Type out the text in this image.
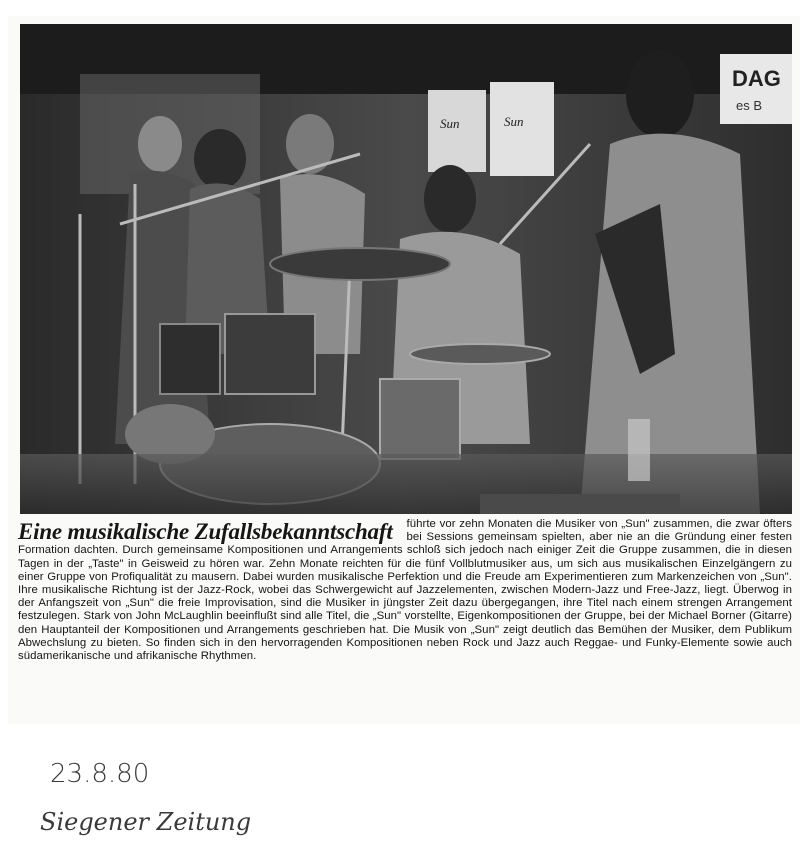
Sun	Sun
DAG
es B
Eine musikalische Zufallsbekanntschaft führte vor zehn Monaten die Musiker von „Sun" zusammen, die zwar öfters bei Sessions gemeinsam spielten, aber nie an die Gründung einer festen Formation dachten. Durch gemeinsame Kompositionen und Arrangements schloß sich jedoch nach einiger Zeit die Gruppe zusammen, die in diesen Tagen in der „Taste" in Geisweid zu hören war. Zehn Monate reichten für die fünf Vollblutmusiker aus, um sich aus musikalischen Einzelgängern zu einer Gruppe von Profiqualität zu mausern. Dabei wurden musikalische Perfektion und die Freude am Experimentieren zum Markenzeichen von „Sun". Ihre musikalische Richtung ist der Jazz-Rock, wobei das Schwergewicht auf Jazzelementen, zwischen Modern-Jazz und Free-Jazz, liegt. Überwog in der Anfangszeit von „Sun" die freie Improvisation, sind die Musiker in jüngster Zeit dazu übergegangen, ihre Titel nach einem strengen Arrangement festzulegen. Stark von John McLaughlin beeinflußt sind alle Titel, die „Sun" vorstellte, Eigenkompositionen der Gruppe, bei der Michael Borner (Gitarre) den Hauptanteil der Kompositionen und Arrangements geschrieben hat. Die Musik von „Sun" zeigt deutlich das Bemühen der Musiker, dem Publikum Abwechslung zu bieten. So finden sich in den hervorragenden Kompositionen neben Rock und Jazz auch Reggae- und Funky-Elemente sowie auch südamerikanische und afrikanische Rhythmen.
23.8.80
Siegener Zeitung
